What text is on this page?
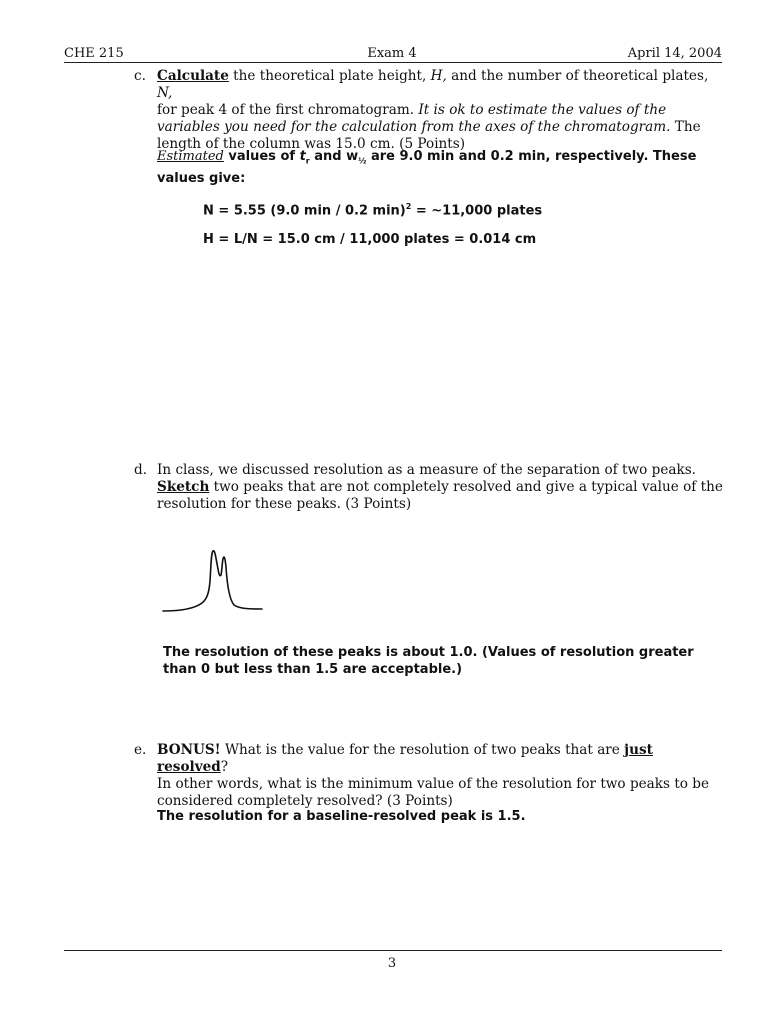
CHE 215	Exam 4	April 14, 2004
c. Calculate the theoretical plate height, H, and the number of theoretical plates, N,
for peak 4 of the first chromatogram. It is ok to estimate the values of the
variables you need for the calculation from the axes of the chromatogram. The
length of the column was 15.0 cm. (5 Points)
Estimated values of $t_r$ and $w_{\frac{1}{2}}$ are 9.0 min and 0.2 min, respectively. These
values give:
N = 5.55 (9.0 min / 0.2 min)$^2$ = ~11,000 plates
H = L/N = 15.0 cm / 11,000 plates = 0.014 cm
d. In class, we discussed resolution as a measure of the separation of two peaks.
Sketch two peaks that are not completely resolved and give a typical value of the
resolution for these peaks. (3 Points)
The resolution of these peaks is about 1.0. (Values of resolution greater
than 0 but less than 1.5 are acceptable.)
e. BONUS! What is the value for the resolution of two peaks that are just resolved?
In other words, what is the minimum value of the resolution for two peaks to be
considered completely resolved? (3 Points)
The resolution for a baseline-resolved peak is 1.5.
3
